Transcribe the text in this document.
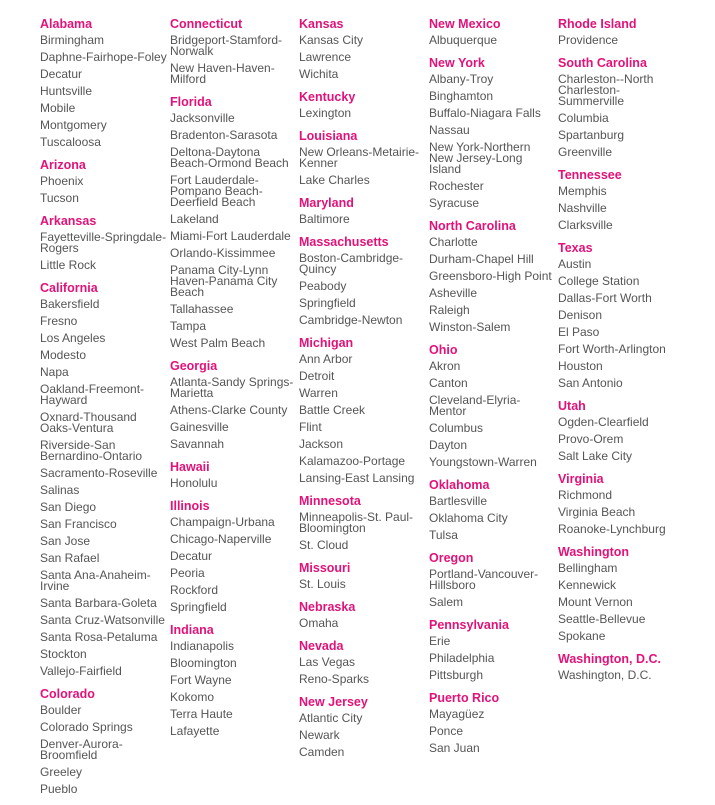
Alabama
Birmingham
Daphne-Fairhope-Foley
Decatur
Huntsville
Mobile
Montgomery
Tuscaloosa
Arizona
Phoenix
Tucson
Arkansas
Fayetteville-Springdale-Rogers
Little Rock
California
Bakersfield
Fresno
Los Angeles
Modesto
Napa
Oakland-Freemont-Hayward
Oxnard-Thousand Oaks-Ventura
Riverside-San Bernardino-Ontario
Sacramento-Roseville
Salinas
San Diego
San Francisco
San Jose
San Rafael
Santa Ana-Anaheim-Irvine
Santa Barbara-Goleta
Santa Cruz-Watsonville
Santa Rosa-Petaluma
Stockton
Vallejo-Fairfield
Colorado
Boulder
Colorado Springs
Denver-Aurora-Broomfield
Greeley
Pueblo
Connecticut
Bridgeport-Stamford-Norwalk
New Haven-Haven-Milford
Florida
Jacksonville
Bradenton-Sarasota
Deltona-Daytona Beach-Ormond Beach
Fort Lauderdale-Pompano Beach-Deerfield Beach
Lakeland
Miami-Fort Lauderdale
Orlando-Kissimmee
Panama City-Lynn Haven-Panama City Beach
Tallahassee
Tampa
West Palm Beach
Georgia
Atlanta-Sandy Springs-Marietta
Athens-Clarke County
Gainesville
Savannah
Hawaii
Honolulu
Illinois
Champaign-Urbana
Chicago-Naperville
Decatur
Peoria
Rockford
Springfield
Indiana
Indianapolis
Bloomington
Fort Wayne
Kokomo
Terra Haute
Lafayette
Kansas
Kansas City
Lawrence
Wichita
Kentucky
Lexington
Louisiana
New Orleans-Metairie-Kenner
Lake Charles
Maryland
Baltimore
Massachusetts
Boston-Cambridge-Quincy
Peabody
Springfield
Cambridge-Newton
Michigan
Ann Arbor
Detroit
Warren
Battle Creek
Flint
Jackson
Kalamazoo-Portage
Lansing-East Lansing
Minnesota
Minneapolis-St. Paul-Bloomington
St. Cloud
Missouri
St. Louis
Nebraska
Omaha
Nevada
Las Vegas
Reno-Sparks
New Jersey
Atlantic City
Newark
Camden
New Mexico
Albuquerque
New York
Albany-Troy
Binghamton
Buffalo-Niagara Falls
Nassau
New York-Northern New Jersey-Long Island
Rochester
Syracuse
North Carolina
Charlotte
Durham-Chapel Hill
Greensboro-High Point
Asheville
Raleigh
Winston-Salem
Ohio
Akron
Canton
Cleveland-Elyria-Mentor
Columbus
Dayton
Youngstown-Warren
Oklahoma
Bartlesville
Oklahoma City
Tulsa
Oregon
Portland-Vancouver-Hillsboro
Salem
Pennsylvania
Erie
Philadelphia
Pittsburgh
Puerto Rico
Mayagüez
Ponce
San Juan
Rhode Island
Providence
South Carolina
Charleston--North Charleston-Summerville
Columbia
Spartanburg
Greenville
Tennessee
Memphis
Nashville
Clarksville
Texas
Austin
College Station
Dallas-Fort Worth
Denison
El Paso
Fort Worth-Arlington
Houston
San Antonio
Utah
Ogden-Clearfield
Provo-Orem
Salt Lake City
Virginia
Richmond
Virginia Beach
Roanoke-Lynchburg
Washington
Bellingham
Kennewick
Mount Vernon
Seattle-Bellevue
Spokane
Washington, D.C.
Washington, D.C.
